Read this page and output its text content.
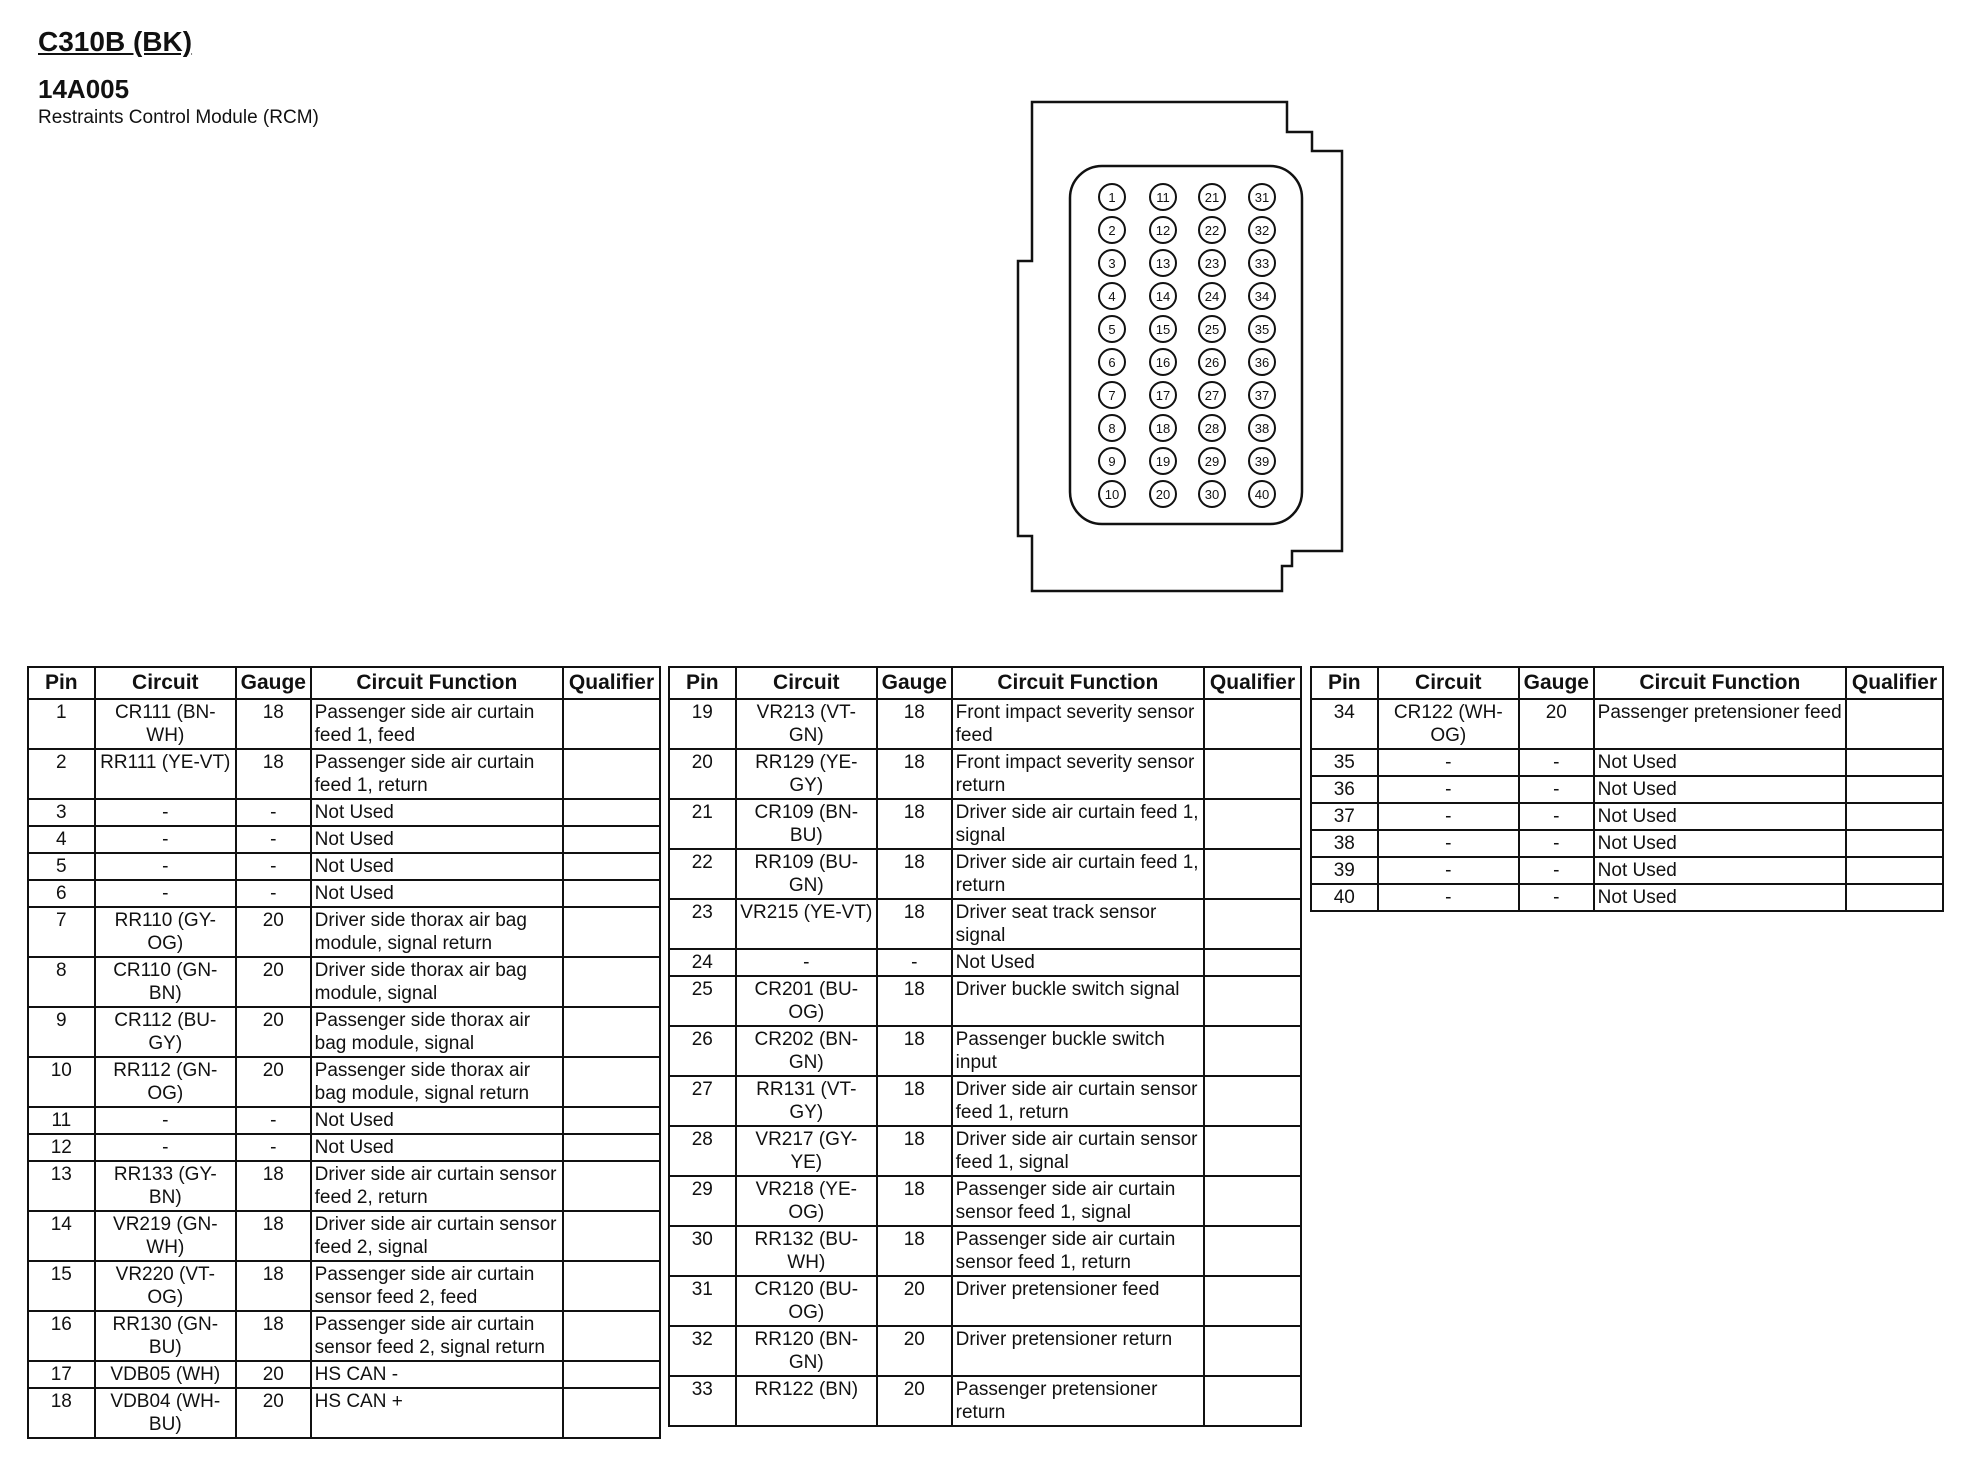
C310B (BK)

14A005

Restraints Control Module (RCM)

1
2
3
4
5
6
7
8
9
10
11
12
13
14
15
16
17
18
19
20
21
22
23
24
25
26
27
28
29
30
31
32
33
34
35
36
37
38
39
40
Pin	Circuit	Gauge	Circuit Function	Qualifier
1	CR111 (BN-WH)	18	Passenger side air curtain feed 1, feed	
2	RR111 (YE-VT)	18	Passenger side air curtain feed 1, return	
3	-	-	Not Used	
4	-	-	Not Used	
5	-	-	Not Used	
6	-	-	Not Used	
7	RR110 (GY-OG)	20	Driver side thorax air bag module, signal return	
8	CR110 (GN-BN)	20	Driver side thorax air bag module, signal	
9	CR112 (BU-GY)	20	Passenger side thorax air bag module, signal	
10	RR112 (GN-OG)	20	Passenger side thorax air bag module, signal return	
11	-	-	Not Used	
12	-	-	Not Used	
13	RR133 (GY-BN)	18	Driver side air curtain sensor feed 2, return	
14	VR219 (GN-WH)	18	Driver side air curtain sensor feed 2, signal	
15	VR220 (VT-OG)	18	Passenger side air curtain sensor feed 2, feed	
16	RR130 (GN-BU)	18	Passenger side air curtain sensor feed 2, signal return	
17	VDB05 (WH)	20	HS CAN -	
18	VDB04 (WH-BU)	20	HS CAN +	
Pin	Circuit	Gauge	Circuit Function	Qualifier
19	VR213 (VT-GN)	18	Front impact severity sensor feed	
20	RR129 (YE-GY)	18	Front impact severity sensor return	
21	CR109 (BN-BU)	18	Driver side air curtain feed 1, signal	
22	RR109 (BU-GN)	18	Driver side air curtain feed 1, return	
23	VR215 (YE-VT)	18	Driver seat track sensor signal	
24	-	-	Not Used	
25	CR201 (BU-OG)	18	Driver buckle switch signal	
26	CR202 (BN-GN)	18	Passenger buckle switch input	
27	RR131 (VT-GY)	18	Driver side air curtain sensor feed 1, return	
28	VR217 (GY-YE)	18	Driver side air curtain sensor feed 1, signal	
29	VR218 (YE-OG)	18	Passenger side air curtain sensor feed 1, signal	
30	RR132 (BU-WH)	18	Passenger side air curtain sensor feed 1, return	
31	CR120 (BU-OG)	20	Driver pretensioner feed	
32	RR120 (BN-GN)	20	Driver pretensioner return	
33	RR122 (BN)	20	Passenger pretensioner return	
Pin	Circuit	Gauge	Circuit Function	Qualifier
34	CR122 (WH-OG)	20	Passenger pretensioner feed	
35	-	-	Not Used	
36	-	-	Not Used	
37	-	-	Not Used	
38	-	-	Not Used	
39	-	-	Not Used	
40	-	-	Not Used	
